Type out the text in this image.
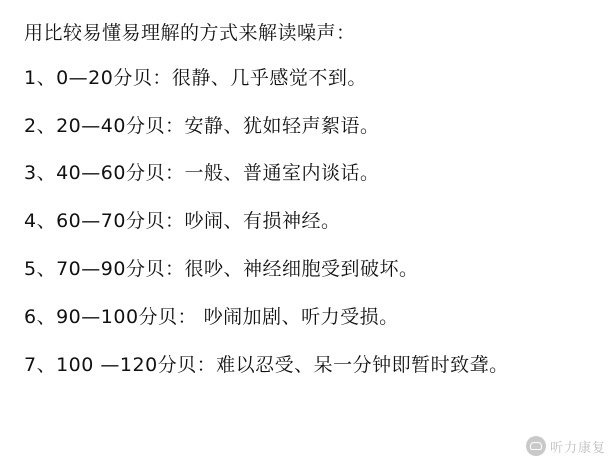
用比较易懂易理解的方式来解读噪声：
1、0—20分贝：很静、几乎感觉不到。
2、20—40分贝：安静、犹如轻声絮语。
3、40—60分贝：一般、普通室内谈话。
4、60—70分贝：吵闹、有损神经。
5、70—90分贝：很吵、神经细胞受到破坏。
6、90—100分贝： 吵闹加剧、听力受损。
7、100 —120分贝：难以忍受、呆一分钟即暂时致聋。
听力康复
